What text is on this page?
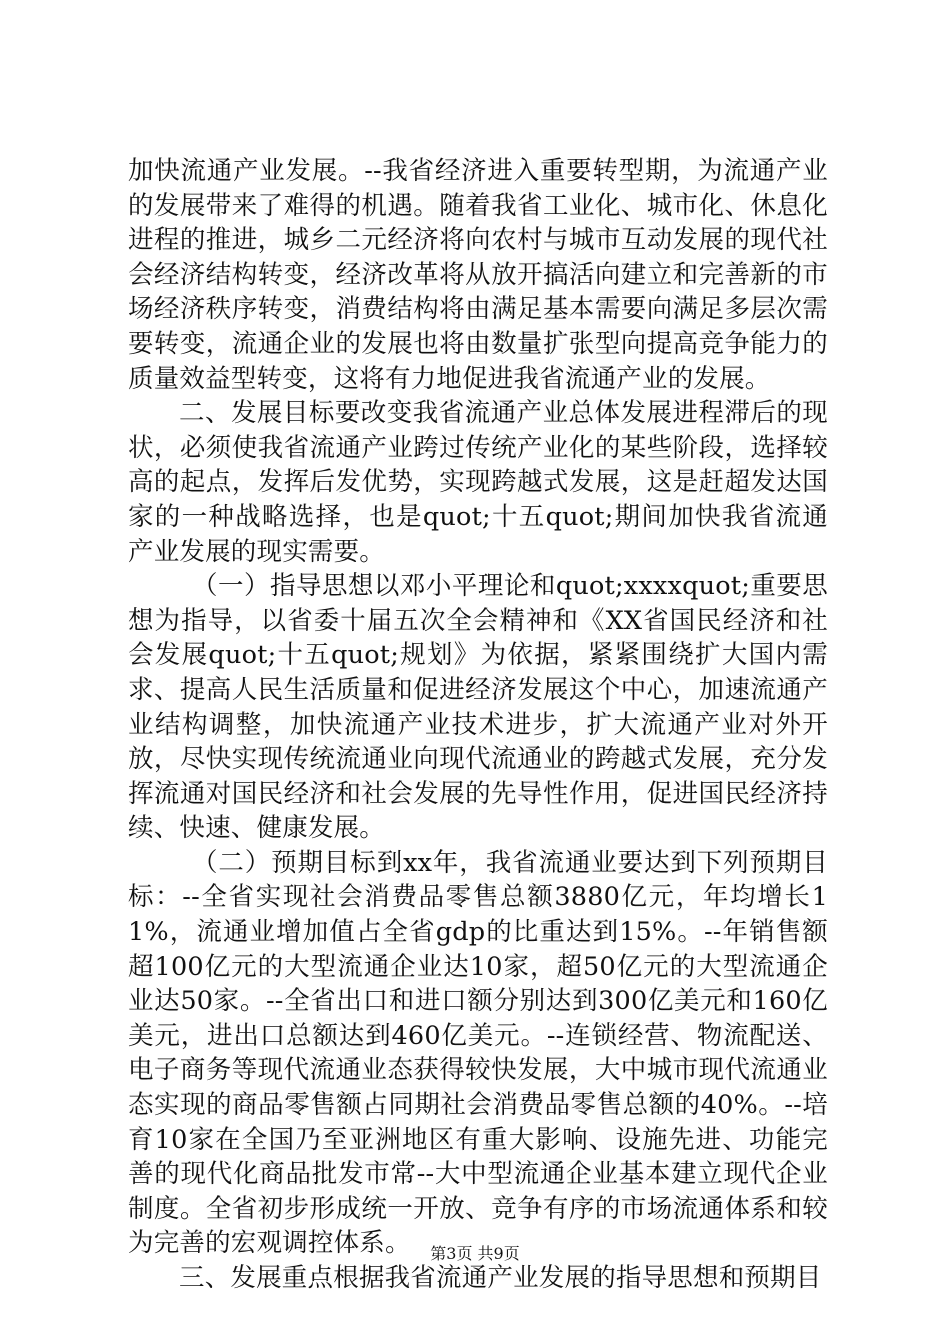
加快流通产业发展。--我省经济进入重要转型期，为流通产业的发展带来了难得的机遇。随着我省工业化、城市化、休息化进程的推进，城乡二元经济将向农村与城市互动发展的现代社会经济结构转变，经济改革将从放开搞活向建立和完善新的市场经济秩序转变，消费结构将由满足基本需要向满足多层次需要转变，流通企业的发展也将由数量扩张型向提高竞争能力的质量效益型转变，这将有力地促进我省流通产业的发展。

二、发展目标要改变我省流通产业总体发展进程滞后的现状，必须使我省流通产业跨过传统产业化的某些阶段，选择较高的起点，发挥后发优势，实现跨越式发展，这是赶超发达国家的一种战略选择，也是quot;十五quot;期间加快我省流通产业发展的现实需要。

（一）指导思想以邓小平理论和quot;xxxxquot;重要思想为指导，以省委十届五次全会精神和《XX省国民经济和社会发展quot;十五quot;规划》为依据，紧紧围绕扩大国内需求、提高人民生活质量和促进经济发展这个中心，加速流通产业结构调整，加快流通产业技术进步，扩大流通产业对外开放，尽快实现传统流通业向现代流通业的跨越式发展，充分发挥流通对国民经济和社会发展的先导性作用，促进国民经济持续、快速、健康发展。

（二）预期目标到xx年，我省流通业要达到下列预期目标：--全省实现社会消费品零售总额3880亿元，年均增长11%，流通业增加值占全省gdp的比重达到15%。--年销售额超100亿元的大型流通企业达10家，超50亿元的大型流通企业达50家。--全省出口和进口额分别达到300亿美元和160亿美元，进出口总额达到460亿美元。--连锁经营、物流配送、电子商务等现代流通业态获得较快发展，大中城市现代流通业态实现的商品零售额占同期社会消费品零售总额的40%。--培育10家在全国乃至亚洲地区有重大影响、设施先进、功能完善的现代化商品批发市常--大中型流通企业基本建立现代企业制度。全省初步形成统一开放、竞争有序的市场流通体系和较为完善的宏观调控体系。

三、发展重点根据我省流通产业发展的指导思想和预期目

第3页 共9页
